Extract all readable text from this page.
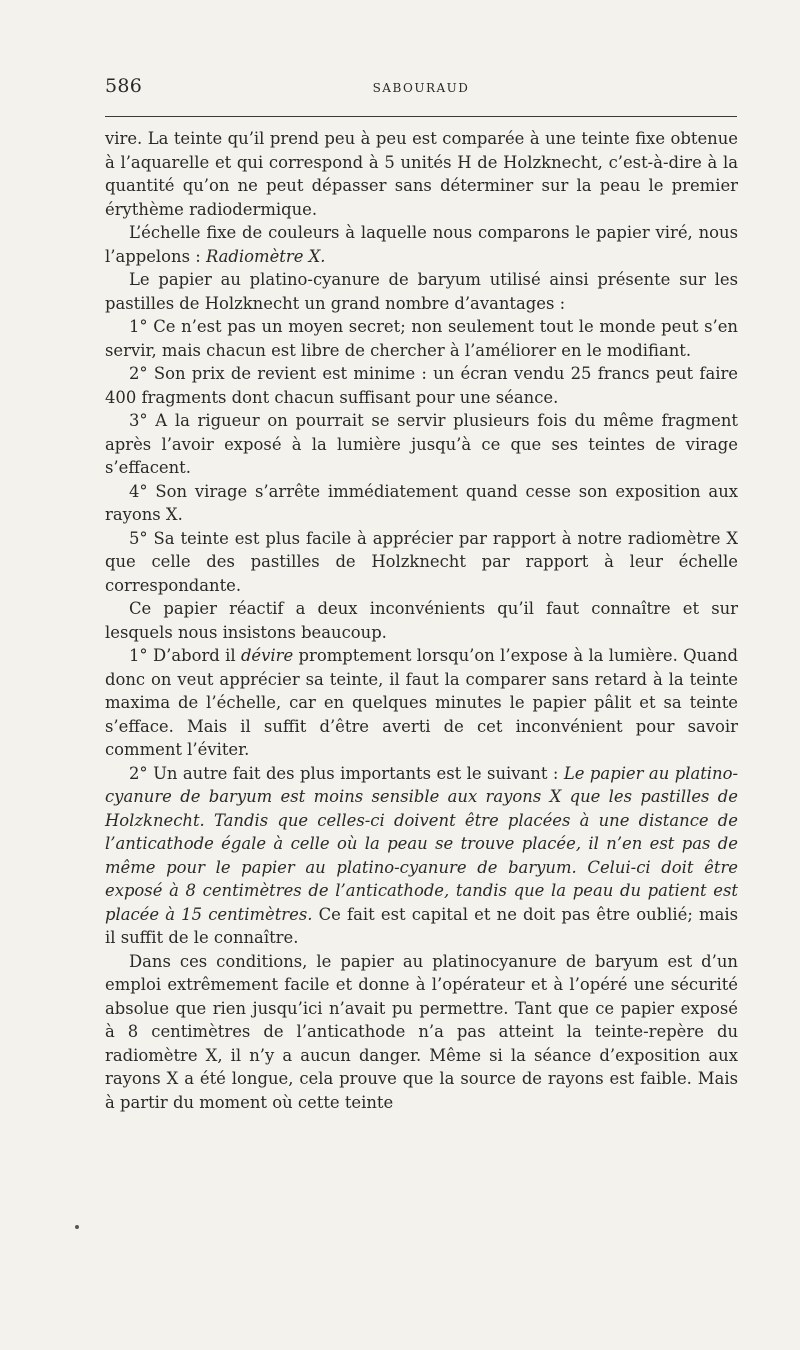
586	SABOURAUD

vire. La teinte qu’il prend peu à peu est comparée à une teinte fixe obtenue à l’aquarelle et qui correspond à 5 unités H de Holzknecht, c’est-à-dire à la quantité qu’on ne peut dépasser sans déterminer sur la peau le premier érythème radiodermique.

L’échelle fixe de couleurs à laquelle nous comparons le papier viré, nous l’appelons : Radiomètre X.

Le papier au platino-cyanure de baryum utilisé ainsi présente sur les pastilles de Holzknecht un grand nombre d’avantages :

1° Ce n’est pas un moyen secret; non seulement tout le monde peut s’en servir, mais chacun est libre de chercher à l’améliorer en le modifiant.

2° Son prix de revient est minime : un écran vendu 25 francs peut faire 400 fragments dont chacun suffisant pour une séance.

3° A la rigueur on pourrait se servir plusieurs fois du même fragment après l’avoir exposé à la lumière jusqu’à ce que ses teintes de virage s’effacent.

4° Son virage s’arrête immédiatement quand cesse son exposition aux rayons X.

5° Sa teinte est plus facile à apprécier par rapport à notre radiomètre X que celle des pastilles de Holzknecht par rapport à leur échelle correspondante.

Ce papier réactif a deux inconvénients qu’il faut connaître et sur lesquels nous insistons beaucoup.

1° D’abord il dévire promptement lorsqu’on l’expose à la lumière. Quand donc on veut apprécier sa teinte, il faut la comparer sans retard à la teinte maxima de l’échelle, car en quelques minutes le papier pâlit et sa teinte s’efface. Mais il suffit d’être averti de cet inconvénient pour savoir comment l’éviter.

2° Un autre fait des plus importants est le suivant : Le papier au platino-cyanure de baryum est moins sensible aux rayons X que les pastilles de Holzknecht. Tandis que celles-ci doivent être placées à une distance de l’anticathode égale à celle où la peau se trouve placée, il n’en est pas de même pour le papier au platino-cyanure de baryum. Celui-ci doit être exposé à 8 centimètres de l’anticathode, tandis que la peau du patient est placée à 15 centimètres. Ce fait est capital et ne doit pas être oublié; mais il suffit de le connaître.

Dans ces conditions, le papier au platinocyanure de baryum est d’un emploi extrêmement facile et donne à l’opérateur et à l’opéré une sécurité absolue que rien jusqu’ici n’avait pu permettre. Tant que ce papier exposé à 8 centimètres de l’anticathode n’a pas atteint la teinte-repère du radiomètre X, il n’y a aucun danger. Même si la séance d’exposition aux rayons X a été longue, cela prouve que la source de rayons est faible. Mais à partir du moment où cette teinte
